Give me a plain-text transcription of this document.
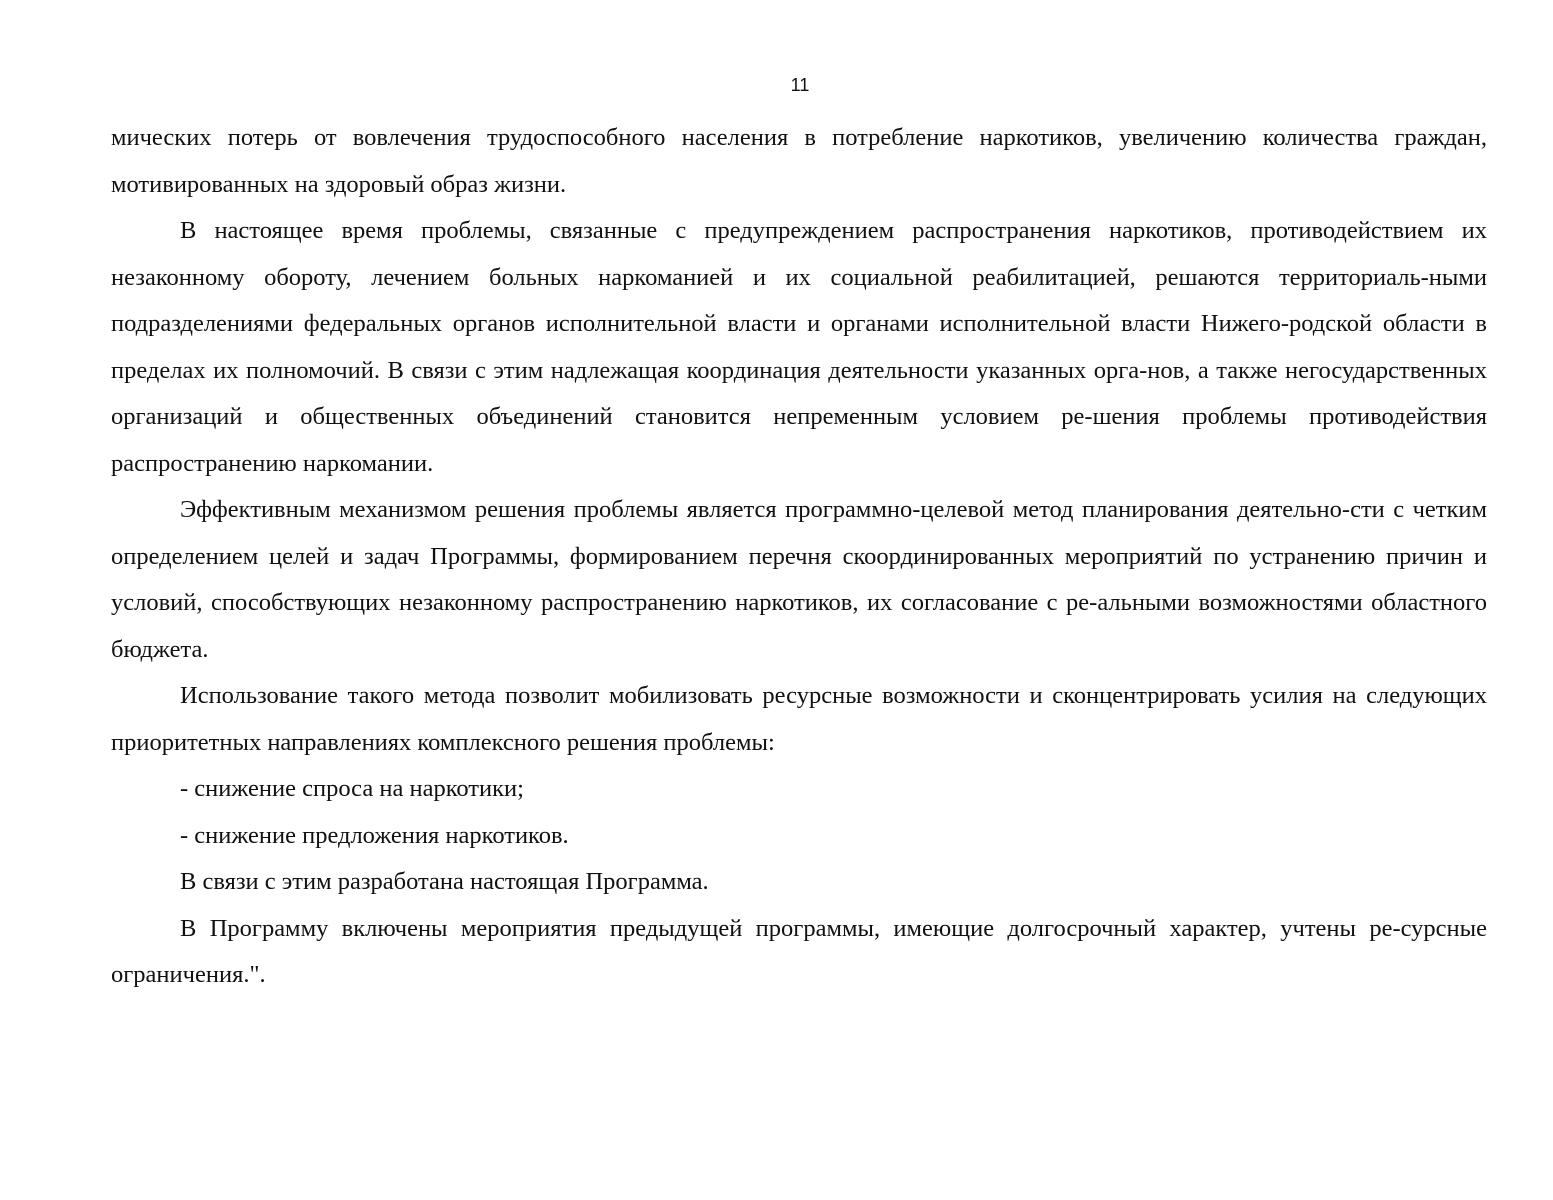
11

мических потерь от вовлечения трудоспособного населения в потребление наркотиков, увеличению количества граждан, мотивированных на здоровый образ жизни.

В настоящее время проблемы, связанные с предупреждением распространения наркотиков, противодействием их незаконному обороту, лечением больных наркоманией и их социальной реабилитацией, решаются территориаль-ными подразделениями федеральных органов исполнительной власти и органами исполнительной власти Нижего-родской области в пределах их полномочий. В связи с этим надлежащая координация деятельности указанных орга-нов, а также негосударственных организаций и общественных объединений становится непременным условием ре-шения проблемы противодействия распространению наркомании.

Эффективным механизмом решения проблемы является программно-целевой метод планирования деятельно-сти с четким определением целей и задач Программы, формированием перечня скоординированных мероприятий по устранению причин и условий, способствующих незаконному распространению наркотиков, их согласование с ре-альными возможностями областного бюджета.

Использование такого метода позволит мобилизовать ресурсные возможности и сконцентрировать усилия на следующих приоритетных направлениях комплексного решения проблемы:

- снижение спроса на наркотики;

- снижение предложения наркотиков.

В связи с этим разработана настоящая Программа.

В Программу включены мероприятия предыдущей программы, имеющие долгосрочный характер, учтены ре-сурсные ограничения.".
